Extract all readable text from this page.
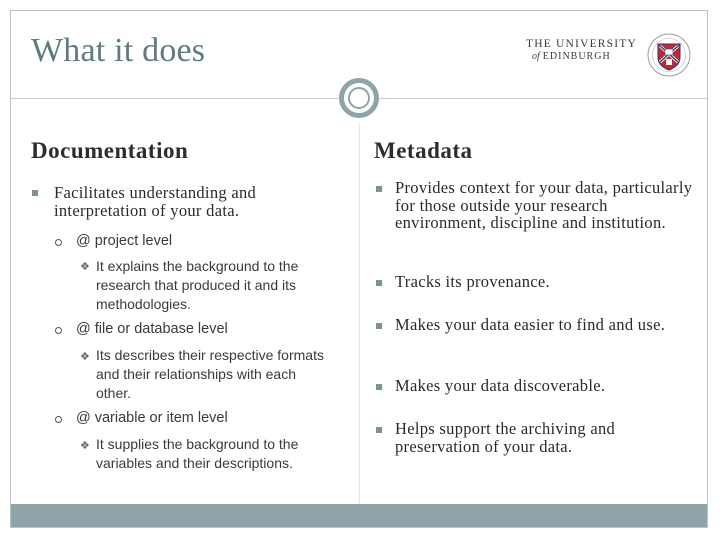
What it does	THE UNIVERSITY
of EDINBURGH
Documentation
Facilitates understanding and interpretation of your data.
@ project level
❖ It explains the background to the research that produced it and its methodologies.
@ file or database level
❖ Its describes their respective formats and their relationships with each other.
@ variable or item level
❖ It supplies the background to the variables and their descriptions.
Metadata
Provides context for your data, particularly for those outside your research environment, discipline and institution.
Tracks its provenance.
Makes your data easier to find and use.
Makes your data discoverable.
Helps support the archiving and preservation of your data.
